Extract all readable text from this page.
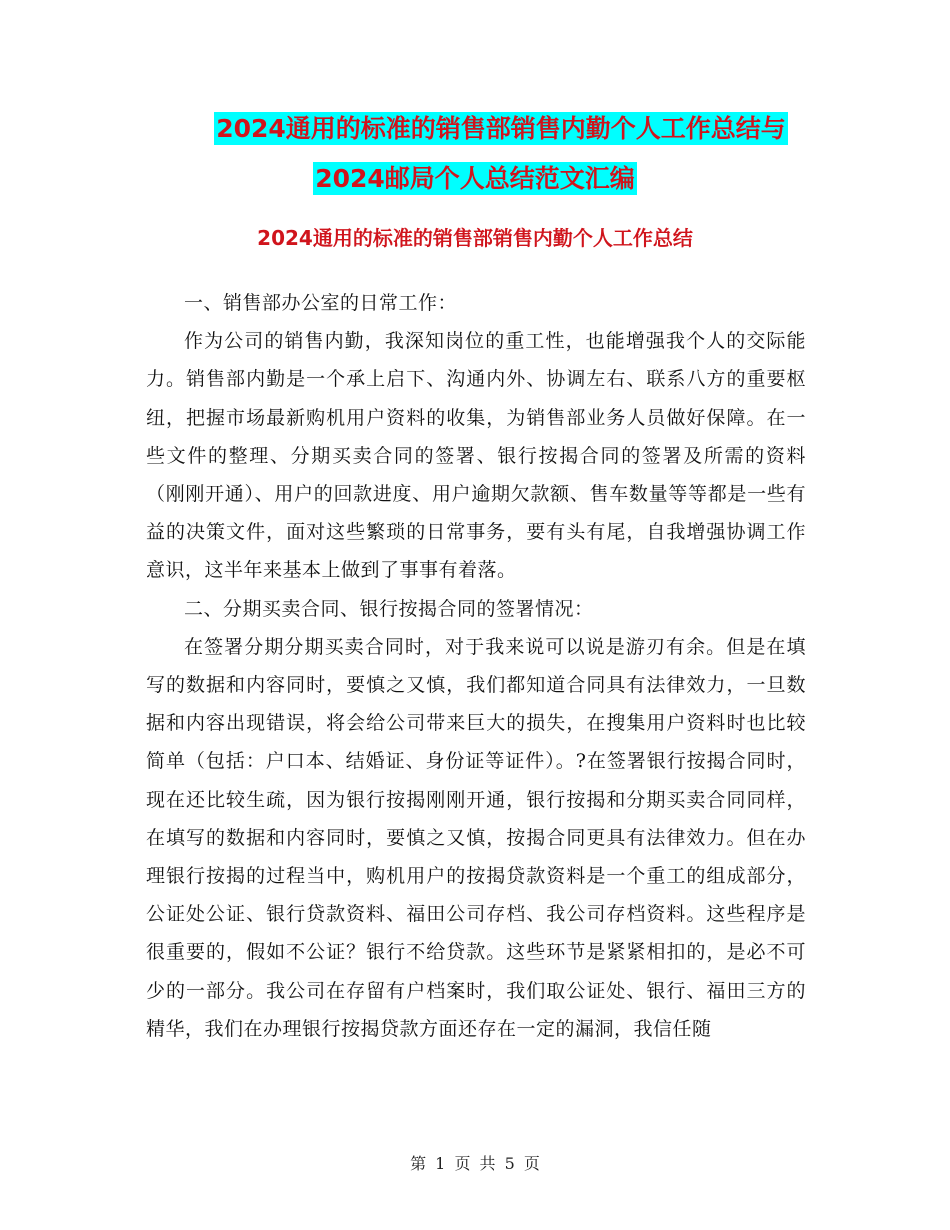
2024通用的标准的销售部销售内勤个人工作总结与
2024邮局个人总结范文汇编
2024通用的标准的销售部销售内勤个人工作总结

一、销售部办公室的日常工作：

作为公司的销售内勤，我深知岗位的重工性，也能增强我个人的交际能力。销售部内勤是一个承上启下、沟通内外、协调左右、联系八方的重要枢纽，把握市场最新购机用户资料的收集，为销售部业务人员做好保障。在一些文件的整理、分期买卖合同的签署、银行按揭合同的签署及所需的资料（刚刚开通）、用户的回款进度、用户逾期欠款额、售车数量等等都是一些有益的决策文件，面对这些繁琐的日常事务，要有头有尾，自我增强协调工作意识，这半年来基本上做到了事事有着落。

二、分期买卖合同、银行按揭合同的签署情况：

在签署分期分期买卖合同时，对于我来说可以说是游刃有余。但是在填写的数据和内容同时，要慎之又慎，我们都知道合同具有法律效力，一旦数据和内容出现错误，将会给公司带来巨大的损失，在搜集用户资料时也比较简单（包括：户口本、结婚证、身份证等证件）。?在签署银行按揭合同时，现在还比较生疏，因为银行按揭刚刚开通，银行按揭和分期买卖合同同样，在填写的数据和内容同时，要慎之又慎，按揭合同更具有法律效力。但在办理银行按揭的过程当中，购机用户的按揭贷款资料是一个重工的组成部分，公证处公证、银行贷款资料、福田公司存档、我公司存档资料。这些程序是很重要的，假如不公证？银行不给贷款。这些环节是紧紧相扣的，是必不可少的一部分。我公司在存留有户档案时，我们取公证处、银行、福田三方的精华，我们在办理银行按揭贷款方面还存在一定的漏洞，我信任随

第 1 页 共 5 页
